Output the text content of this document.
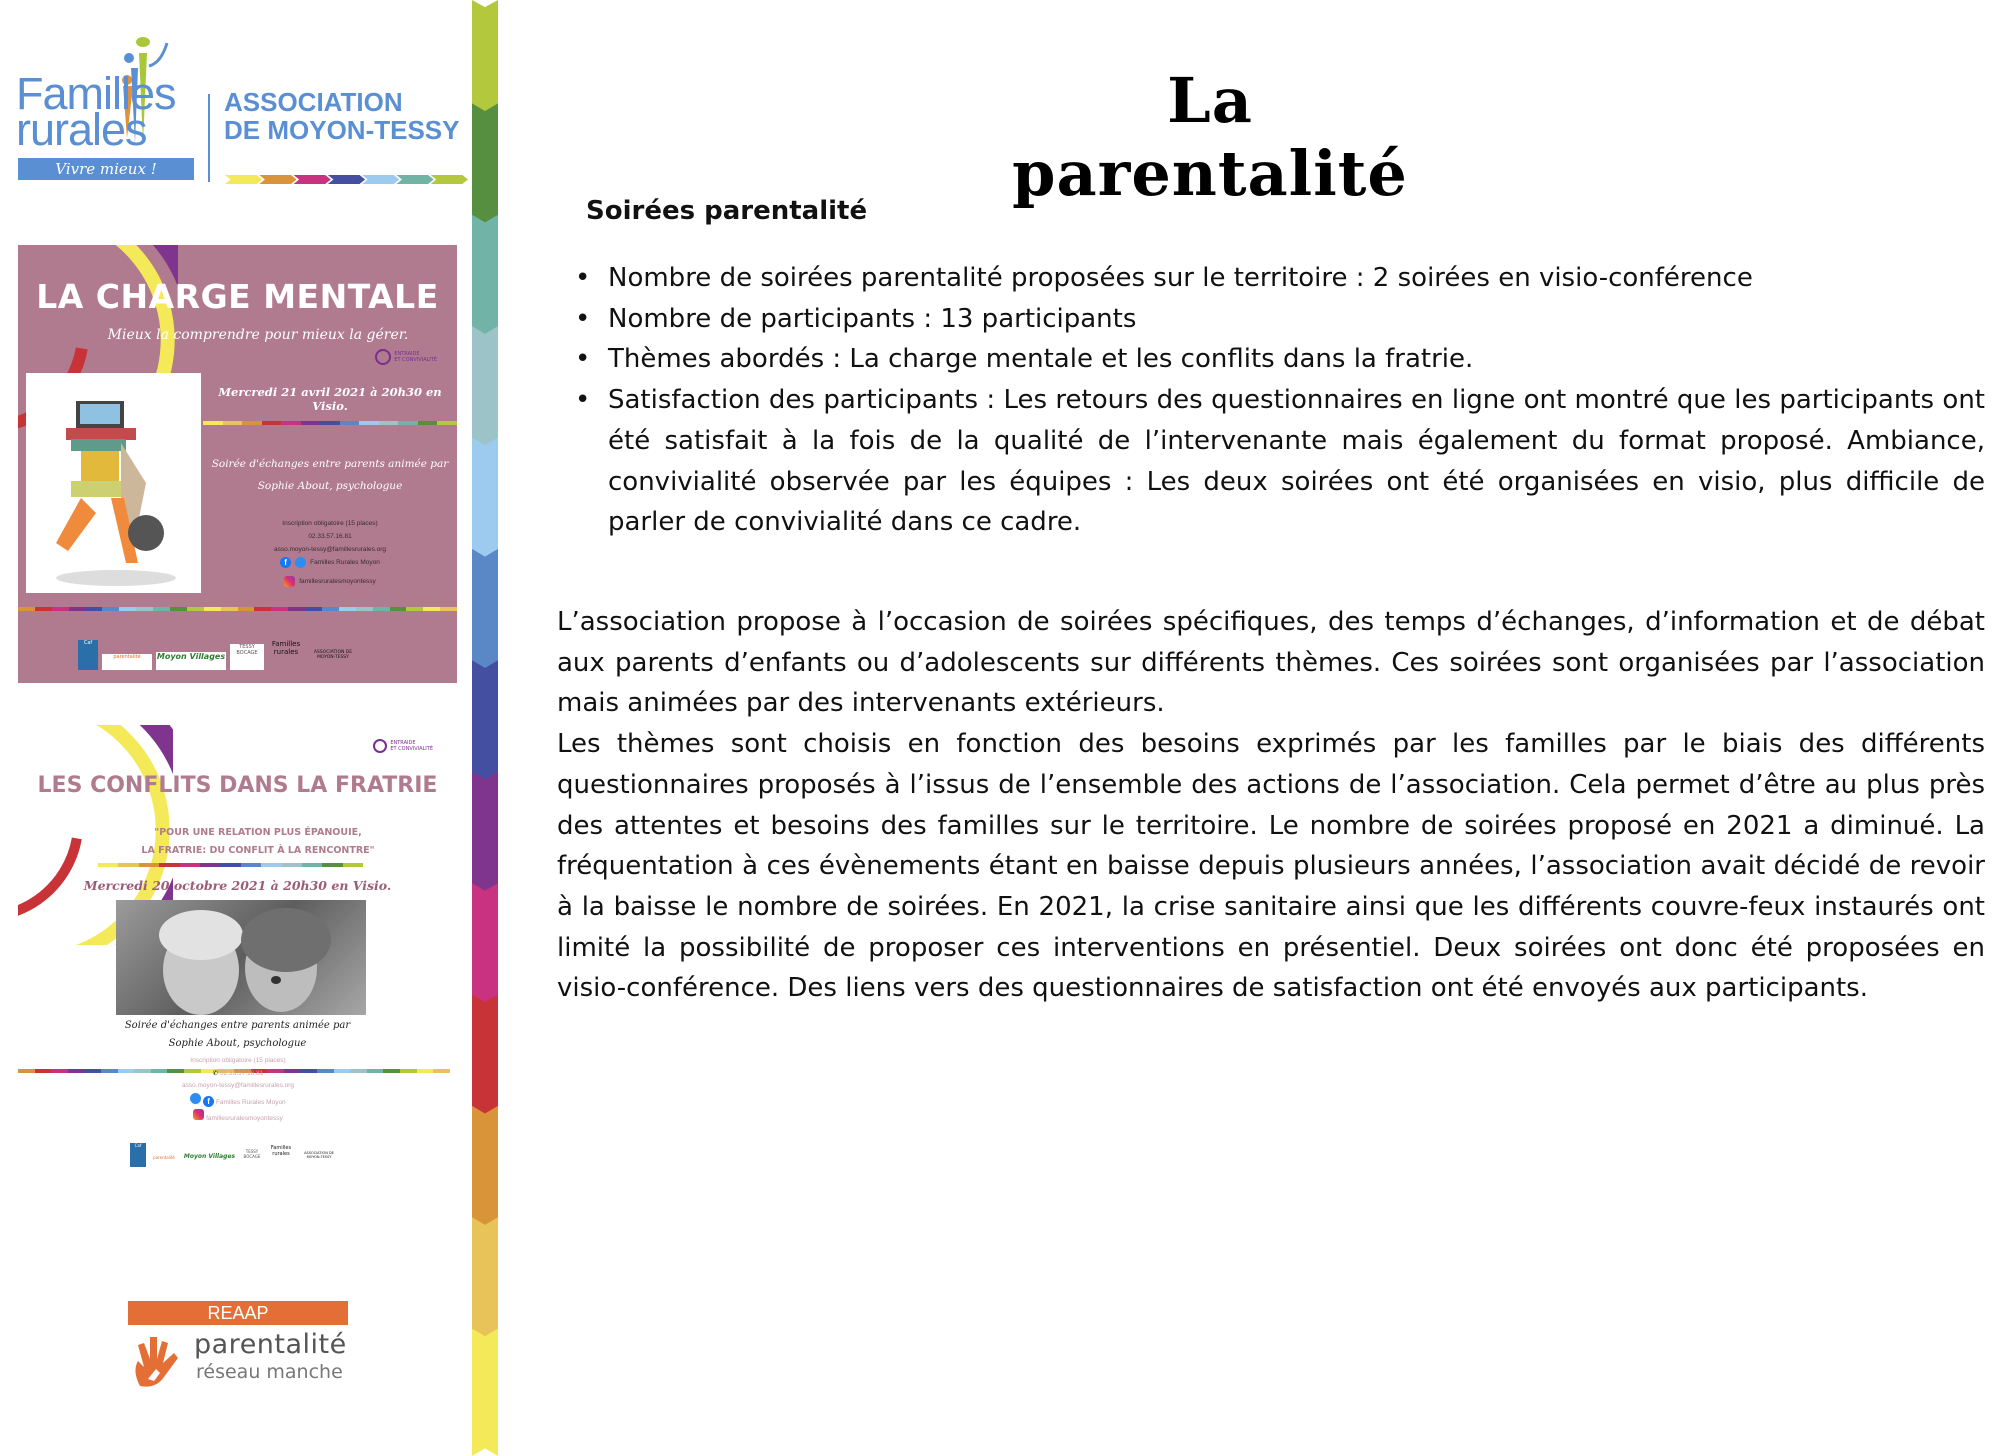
Familles
rurales
Vivre mieux !
ASSOCIATION
DE MOYON-TESSY
LA CHARGE MENTALE
Mieux la comprendre pour mieux la gérer.
ENTRAIDE
ET CONVIVIALITÉ
Mercredi 21 avril 2021 à 20h30 en Visio.
Soirée d'échanges entre parents animée par
Sophie About, psychologue
Inscription obligatoire (15 places)
02.33.57.16.81
asso.moyon-tessy@famillesrurales.org
f	Familles Rurales Moyon
famillesruralesmoyontessy
Caf
parentalité	Moyon Villages
TESSY BOCAGE
Familles rurales	ASSOCIATION DE MOYON-TESSY
ENTRAIDE
ET CONVIVIALITÉ
LES CONFLITS DANS LA FRATRIE
"POUR UNE RELATION PLUS ÉPANOUIE,
LA FRATRIE: DU CONFLIT À LA RENCONTRE"
Mercredi 20 octobre 2021 à 20h30 en Visio.
Soirée d'échanges entre parents animée par
Sophie About, psychologue
Inscription obligatoire (15 places)
✆ 02.33.57.16.81
asso.moyon-tessy@famillesrurales.org
f Familles Rurales Moyon
famillesruralesmoyontessy
Caf
parentalité	Moyon Villages
TESSY BOCAGE
Familles rurales	ASSOCIATION DE MOYON-TESSY
REAAP
parentalité
réseau manche
La parentalité
Soirées parentalité
• Nombre de soirées parentalité proposées sur le territoire : 2 soirées en visio-conférence
• Nombre de participants : 13 participants
• Thèmes abordés : La charge mentale et les conflits dans la fratrie.
• Satisfaction des participants : Les retours des questionnaires en ligne ont montré que les participants ont été satisfait à la fois de la qualité de l’intervenante mais également du format proposé. Ambiance, convivialité observée par les équipes : Les deux soirées ont été organisées en visio, plus difficile de parler de convivialité dans ce cadre.

L’association propose à l’occasion de soirées spécifiques, des temps d’échanges, d’information et de débat aux parents d’enfants ou d’adolescents sur différents thèmes. Ces soirées sont organisées par l’association mais animées par des intervenants extérieurs.

Les thèmes sont choisis en fonction des besoins exprimés par les familles par le biais des différents questionnaires proposés à l’issus de l’ensemble des actions de l’association. Cela permet d’être au plus près des attentes et besoins des familles sur le territoire. Le nombre de soirées proposé en 2021 a diminué. La fréquentation à ces évènements étant en baisse depuis plusieurs années, l’association avait décidé de revoir à la baisse le nombre de soirées. En 2021, la crise sanitaire ainsi que les différents couvre-feux instaurés ont limité la possibilité de proposer ces interventions en présentiel. Deux soirées ont donc été proposées en visio-conférence. Des liens vers des questionnaires de satisfaction ont été envoyés aux participants.
